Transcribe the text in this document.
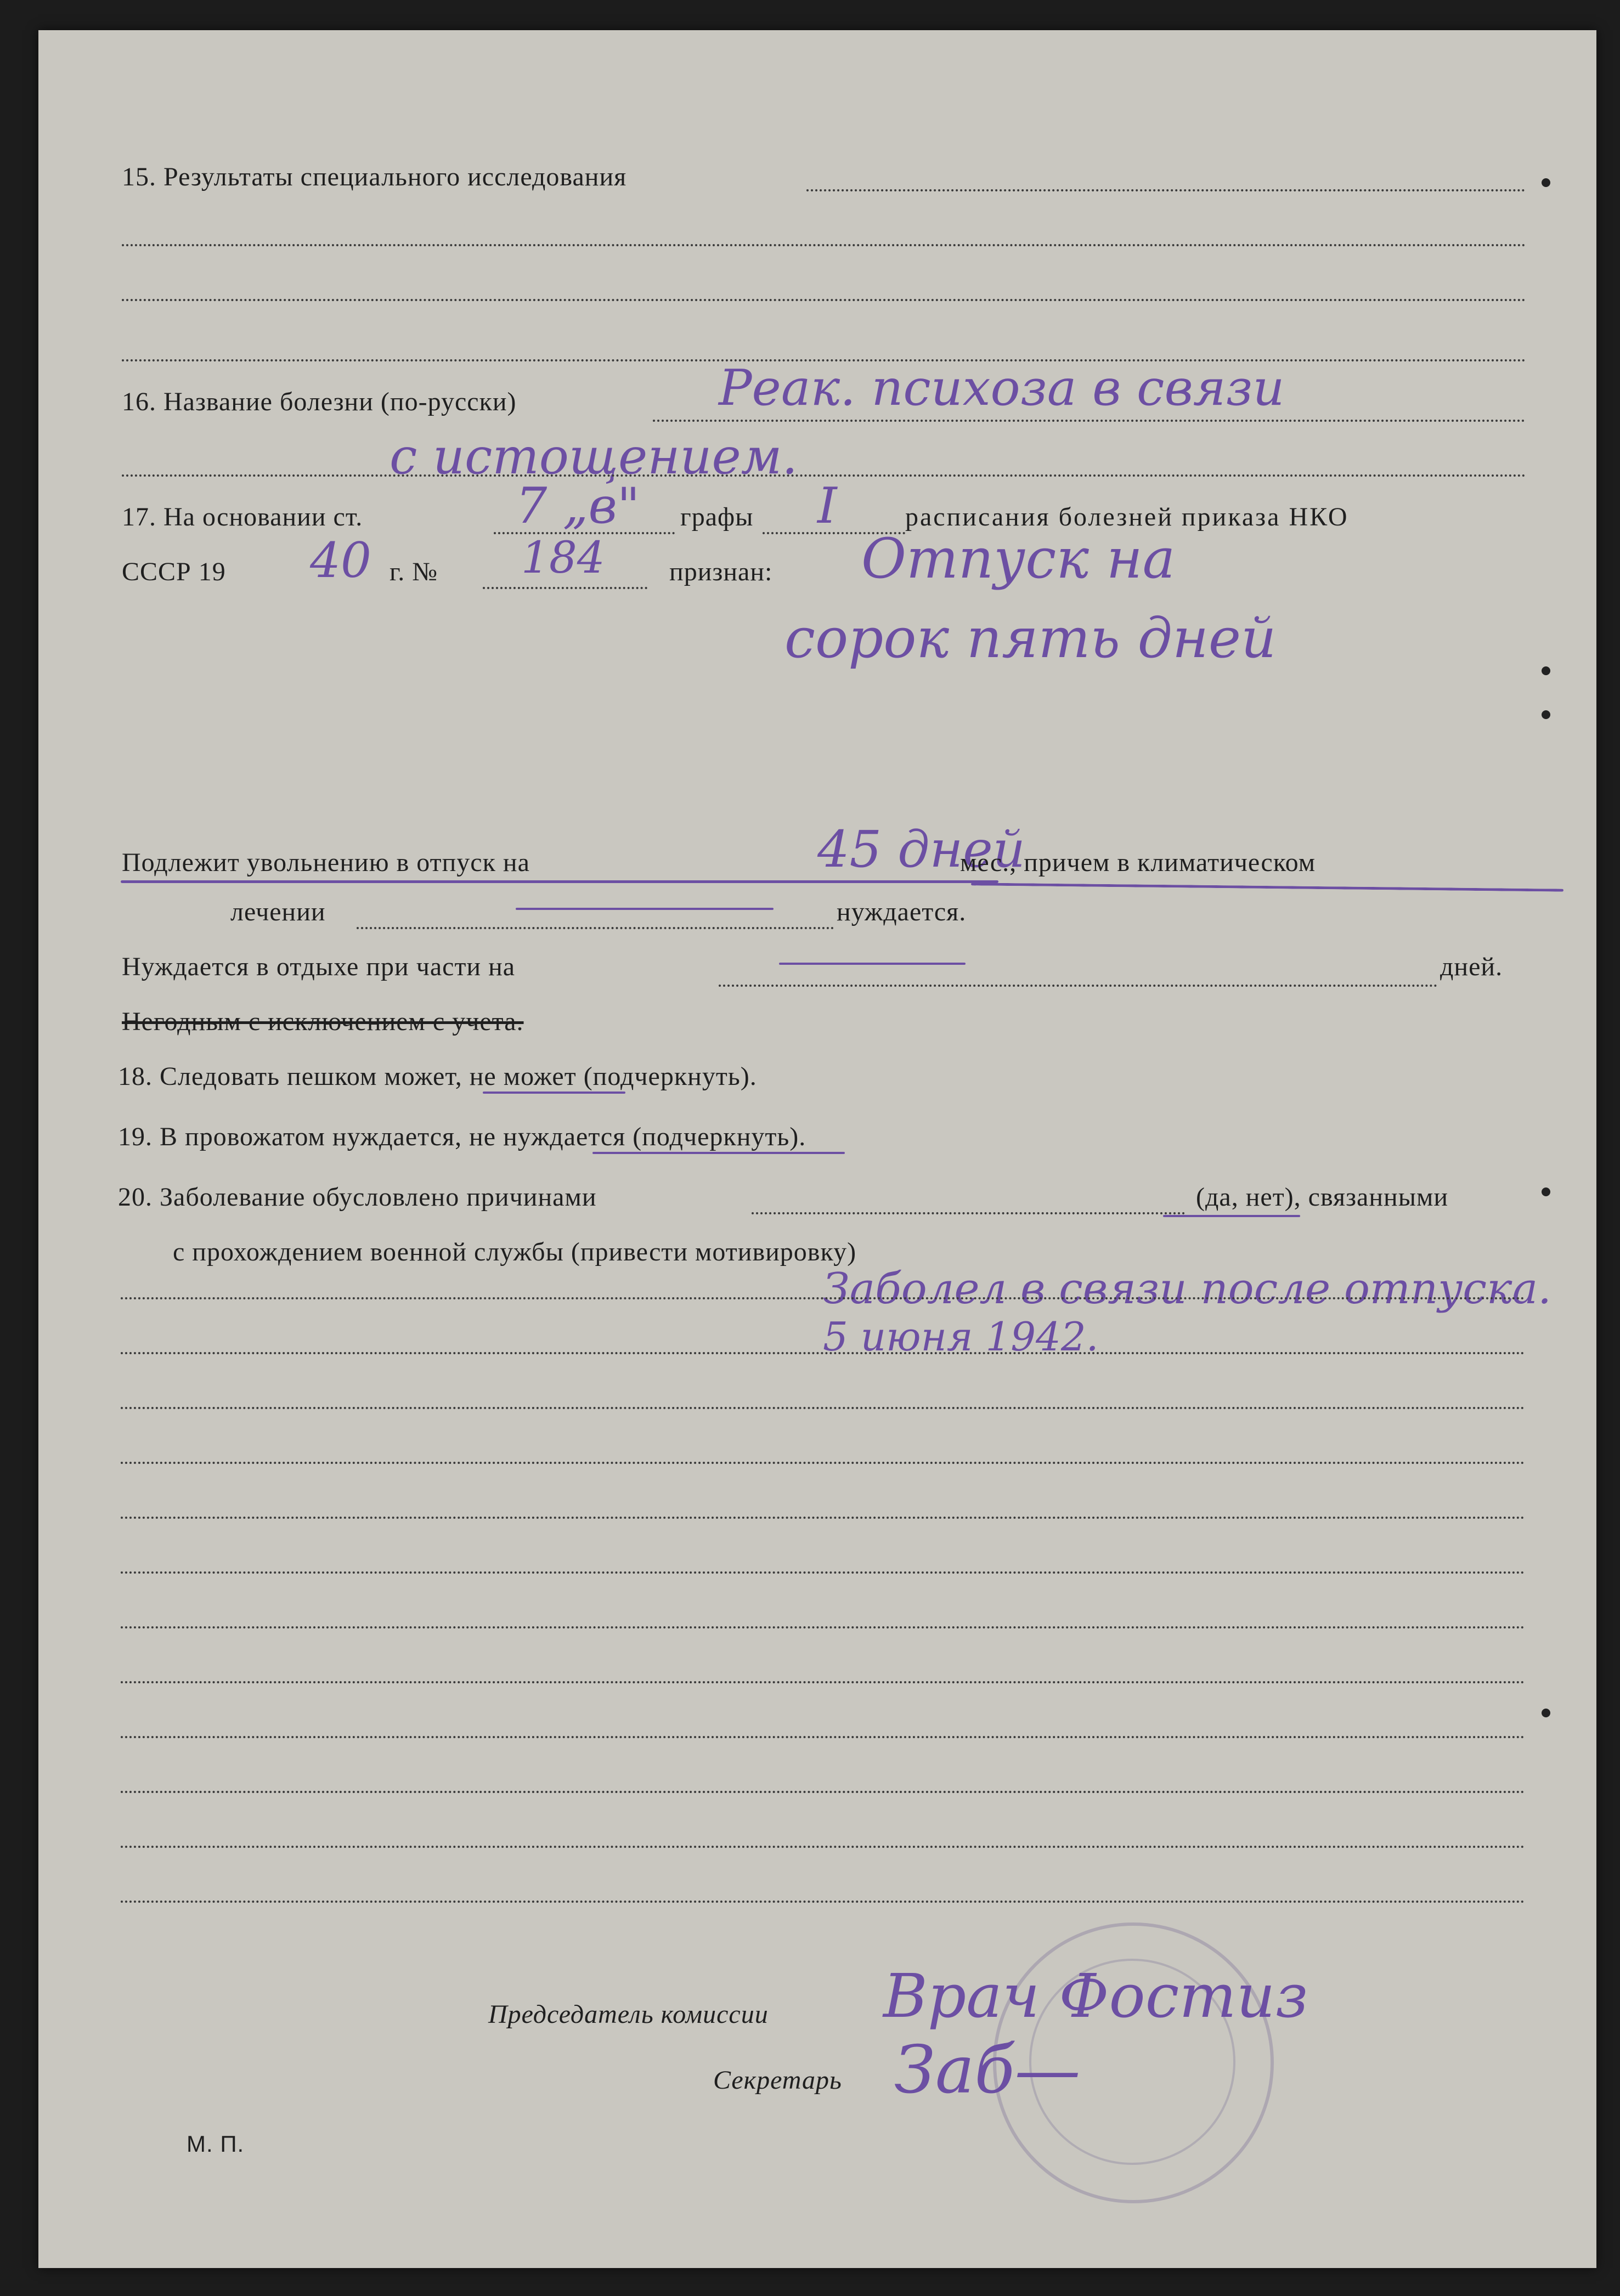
15. Результаты специального исследования
16. Название болезни (по-русски)	Реак. психоза в связи
с истощением.
17. На основании ст.	7 „в" графы I	расписания болезней приказа НКО
СССР 19 40 г. № 184 признан: Отпуск на
сорок пять дней
Подлежит увольнению в отпуск на	45 дней
мес., причем в климатическом
лечении	нуждается.
Нуждается в отдыхе при части на	дней.
Негодным с исключением с учета.
18. Следовать пешком может, не может (подчеркнуть).
19. В провожатом нуждается, не нуждается (подчеркнуть).
20. Заболевание обусловлено причинами	(да, нет), связанными
с прохождением военной службы (привести мотивировку)
Заболел в связи после отпуска.
5 июня 1942.
Председатель комиссии Врач Фостиз
Секретарь Заб—
М. П.
